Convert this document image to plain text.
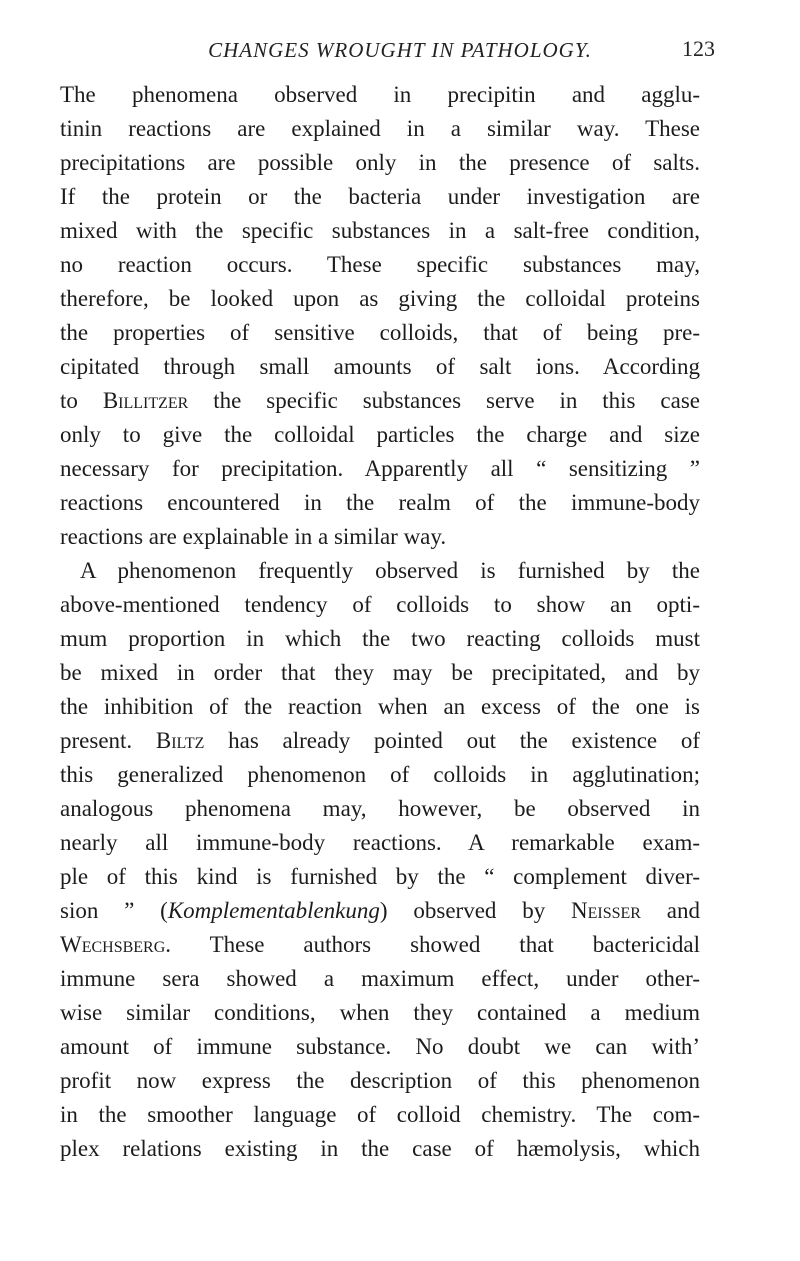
CHANGES WROUGHT IN PATHOLOGY.	123
The phenomena observed in precipitin and agglu-
tinin reactions are explained in a similar way. These
precipitations are possible only in the presence of salts.
If the protein or the bacteria under investigation are
mixed with the specific substances in a salt-free condition,
no reaction occurs. These specific substances may,
therefore, be looked upon as giving the colloidal proteins
the properties of sensitive colloids, that of being pre-
cipitated through small amounts of salt ions. According
to Billitzer the specific substances serve in this case
only to give the colloidal particles the charge and size
necessary for precipitation. Apparently all “ sensitizing ”
reactions encountered in the realm of the immune-body
reactions are explainable in a similar way.
A phenomenon frequently observed is furnished by the
above-mentioned tendency of colloids to show an opti-
mum proportion in which the two reacting colloids must
be mixed in order that they may be precipitated, and by
the inhibition of the reaction when an excess of the one is
present. Biltz has already pointed out the existence of
this generalized phenomenon of colloids in agglutination;
analogous phenomena may, however, be observed in
nearly all immune-body reactions. A remarkable exam-
ple of this kind is furnished by the “ complement diver-
sion ” (Komplementablenkung) observed by Neisser and
Wechsberg. These authors showed that bactericidal
immune sera showed a maximum effect, under other-
wise similar conditions, when they contained a medium
amount of immune substance. No doubt we can with’
profit now express the description of this phenomenon
in the smoother language of colloid chemistry. The com-
plex relations existing in the case of hæmolysis, which
